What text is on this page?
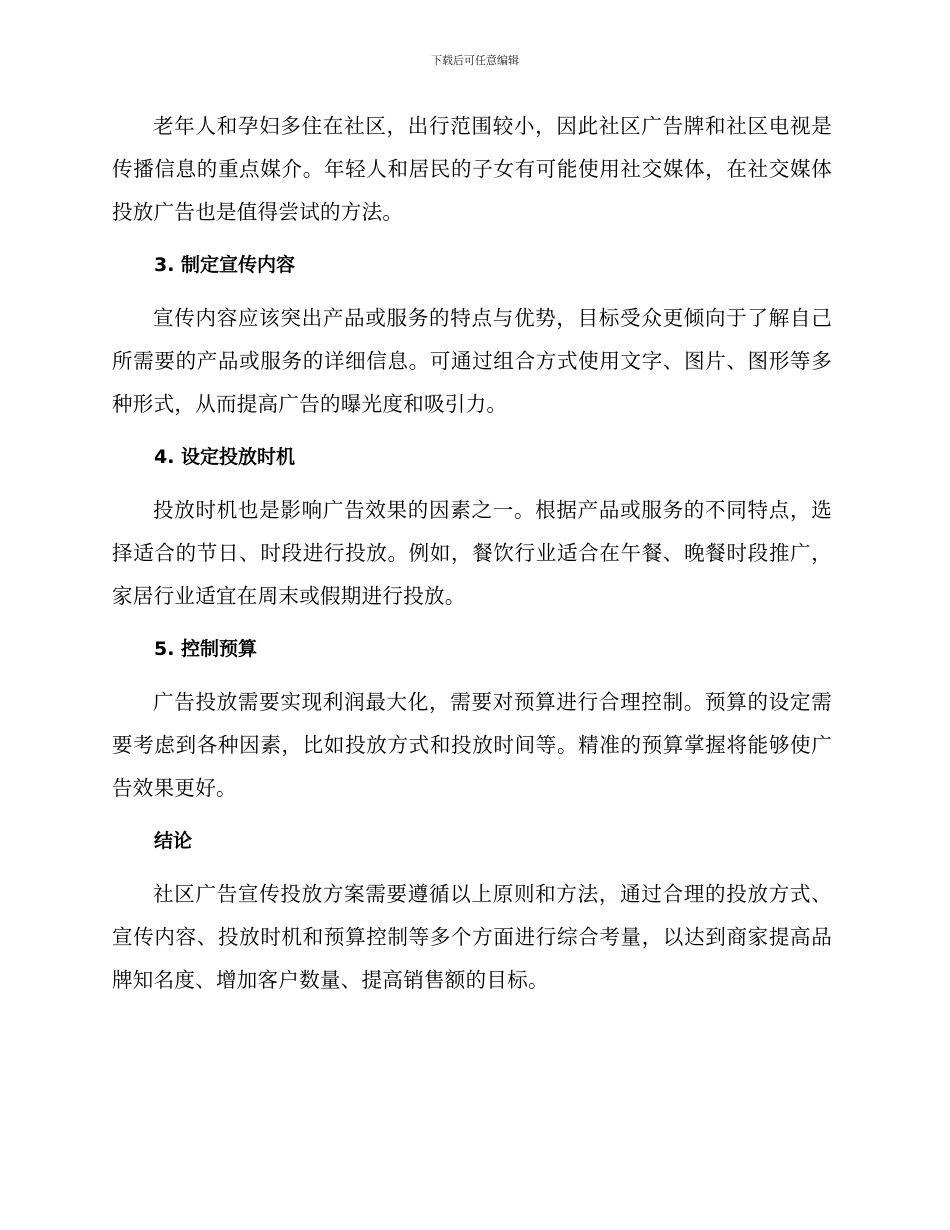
下载后可任意编辑

老年人和孕妇多住在社区，出行范围较小，因此社区广告牌和社区电视是传播信息的重点媒介。年轻人和居民的子女有可能使用社交媒体，在社交媒体投放广告也是值得尝试的方法。

3. 制定宣传内容

宣传内容应该突出产品或服务的特点与优势，目标受众更倾向于了解自己所需要的产品或服务的详细信息。可通过组合方式使用文字、图片、图形等多种形式，从而提高广告的曝光度和吸引力。

4. 设定投放时机

投放时机也是影响广告效果的因素之一。根据产品或服务的不同特点，选择适合的节日、时段进行投放。例如，餐饮行业适合在午餐、晚餐时段推广，家居行业适宜在周末或假期进行投放。

5. 控制预算

广告投放需要实现利润最大化，需要对预算进行合理控制。预算的设定需要考虑到各种因素，比如投放方式和投放时间等。精准的预算掌握将能够使广告效果更好。

结论

社区广告宣传投放方案需要遵循以上原则和方法，通过合理的投放方式、宣传内容、投放时机和预算控制等多个方面进行综合考量，以达到商家提高品牌知名度、增加客户数量、提高销售额的目标。
